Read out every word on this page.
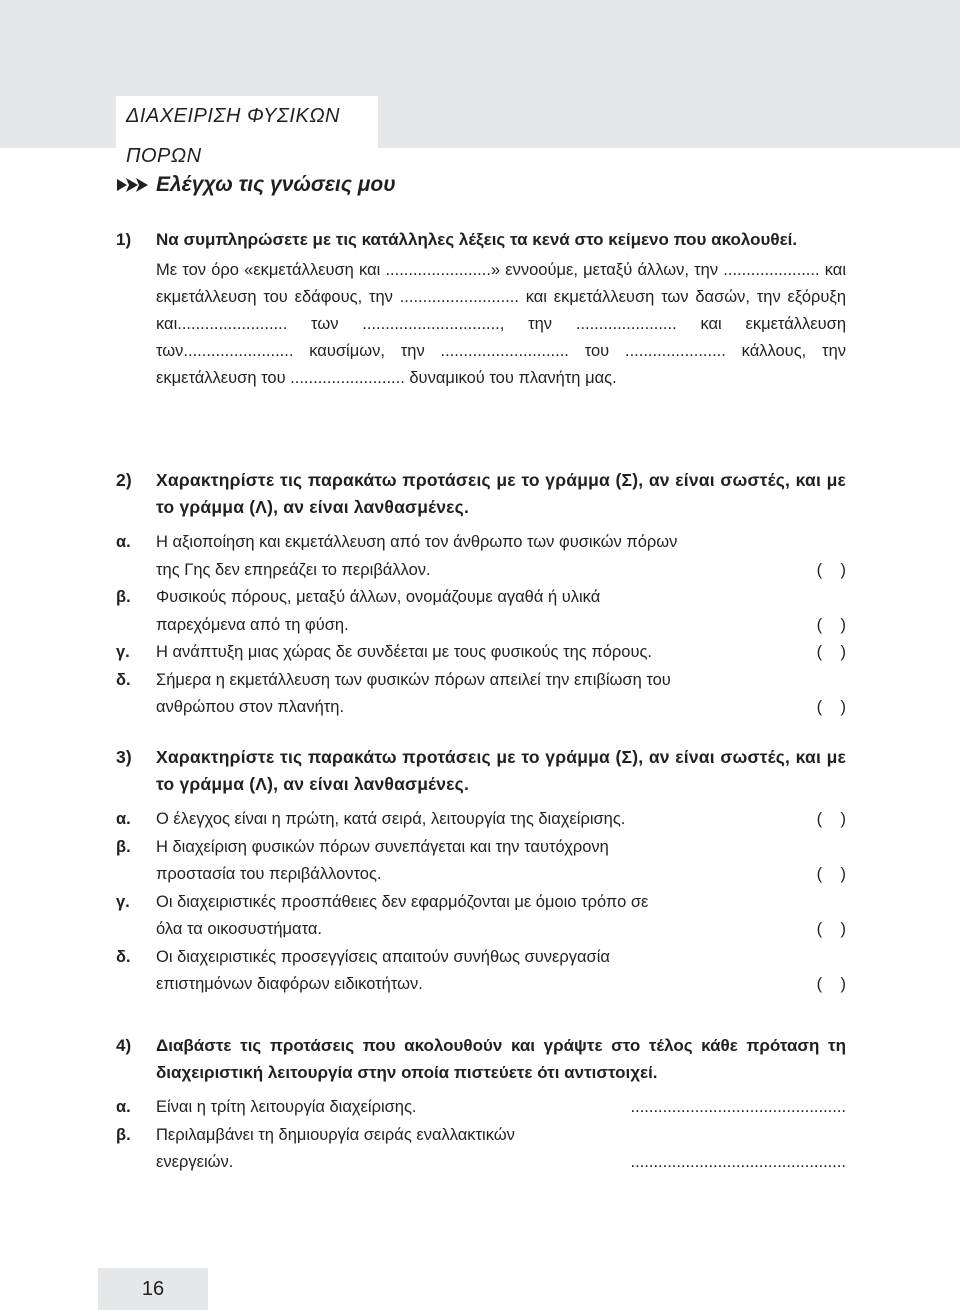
ΔΙΑΧΕΙΡΙΣΗ ΦΥΣΙΚΩΝ ΠΟΡΩΝ
Ελέγχω τις γνώσεις μου
1)	Να συμπληρώσετε με τις κατάλληλες λέξεις τα κενά στο κείμενο που ακολουθεί.
Με τον όρο «εκμετάλλευση και .......................» εννοούμε, μεταξύ άλλων, την ..................... και εκμετάλλευση του εδάφους, την .......................... και εκμετάλλευση των δασών, την εξόρυξη και........................ των .............................., την ...................... και εκμετάλλευση των........................ καυσίμων, την ............................ του ...................... κάλλους, την εκμετάλλευση του ......................... δυναμικού του πλανήτη μας.
2)	Χαρακτηρίστε τις παρακάτω προτάσεις με το γράμμα (Σ), αν είναι σωστές, και με το γράμμα (Λ), αν είναι λανθασμένες.
α.	Η αξιοποίηση και εκμετάλλευση από τον άνθρωπο των φυσικών πόρων
της Γης δεν επηρεάζει το περιβάλλον.	(    )
β.	Φυσικούς πόρους, μεταξύ άλλων, ονομάζουμε αγαθά ή υλικά
παρεχόμενα από τη φύση.	(    )
γ.	Η ανάπτυξη μιας χώρας δε συνδέεται με τους φυσικούς της πόρους.	(    )
δ.	Σήμερα η εκμετάλλευση των φυσικών πόρων απειλεί την επιβίωση του
ανθρώπου στον πλανήτη.	(    )
3)	Χαρακτηρίστε τις παρακάτω προτάσεις με το γράμμα (Σ), αν είναι σωστές, και με το γράμμα (Λ), αν είναι λανθασμένες.
α.	Ο έλεγχος είναι η πρώτη, κατά σειρά, λειτουργία της διαχείρισης.	(    )
β.	Η διαχείριση φυσικών πόρων συνεπάγεται και την ταυτόχρονη
προστασία του περιβάλλοντος.	(    )
γ.	Οι διαχειριστικές προσπάθειες δεν εφαρμόζονται με όμοιο τρόπο σε
όλα τα οικοσυστήματα.	(    )
δ.	Οι διαχειριστικές προσεγγίσεις απαιτούν συνήθως συνεργασία
επιστημόνων διαφόρων ειδικοτήτων.	(    )
4)	Διαβάστε τις προτάσεις που ακολουθούν και γράψτε στο τέλος κάθε πρόταση τη διαχειριστική λειτουργία στην οποία πιστεύετε ότι αντιστοιχεί.
α.	Είναι η τρίτη λειτουργία διαχείρισης.	...............................................
β.	Περιλαμβάνει τη δημιουργία σειράς εναλλακτικών
ενεργειών.	...............................................
16
